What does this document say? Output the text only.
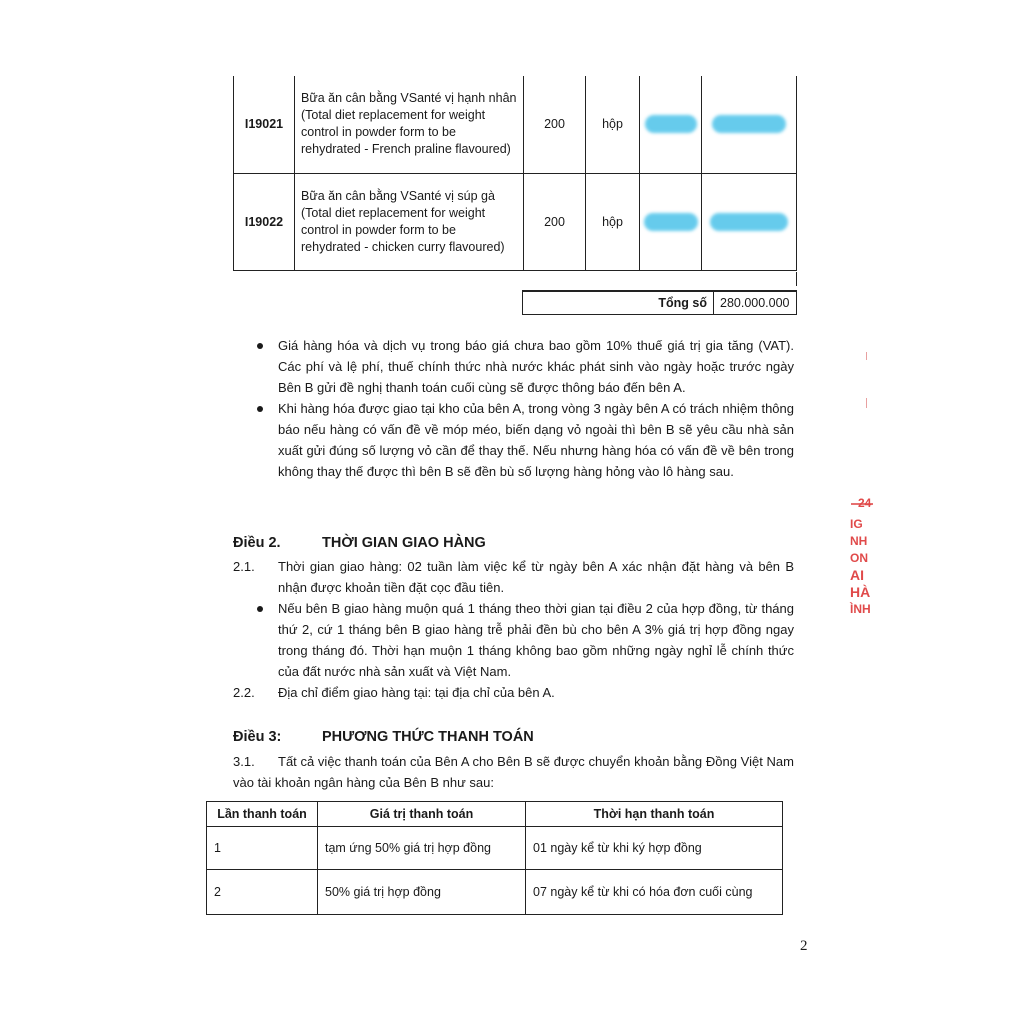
I19021	Bữa ăn cân bằng VSanté vị hạnh nhân
(Total diet replacement for weight
control in powder form to be
rehydrated - French praline flavoured)	200	hộp	

I19022	Bữa ăn cân bằng VSanté vị súp gà
(Total diet replacement for weight
control in powder form to be
rehydrated - chicken curry flavoured)	200	hộp	

Tổng số	280.000.000
Giá hàng hóa và dịch vụ trong báo giá chưa bao gồm 10% thuế giá trị gia tăng (VAT). Các phí và lệ phí, thuế chính thức nhà nước khác phát sinh vào ngày hoặc trước ngày Bên B gửi đề nghị thanh toán cuối cùng sẽ được thông báo đến bên A.
Khi hàng hóa được giao tại kho của bên A, trong vòng 3 ngày bên A có trách nhiệm thông báo nếu hàng có vấn đề về móp méo, biến dạng vỏ ngoài thì bên B sẽ yêu cầu nhà sản xuất gửi đúng số lượng vỏ cần để thay thế. Nếu nhưng hàng hóa có vấn đề về bên trong không thay thế được thì bên B sẽ đền bù số lượng hàng hỏng vào lô hàng sau.
Điều 2.	THỜI GIAN GIAO HÀNG
2.1. Thời gian giao hàng: 02 tuần làm việc kể từ ngày bên A xác nhận đặt hàng và bên B nhận được khoản tiền đặt cọc đầu tiên.
Nếu bên B giao hàng muộn quá 1 tháng theo thời gian tại điều 2 của hợp đồng, từ tháng thứ 2, cứ 1 tháng bên B giao hàng trễ phải đền bù cho bên A 3% giá trị hợp đồng ngay trong tháng đó. Thời hạn muộn 1 tháng không bao gồm những ngày nghỉ lễ chính thức của đất nước nhà sản xuất và Việt Nam.
2.2. Địa chỉ điểm giao hàng tại: tại địa chỉ của bên A.
Điều 3:	PHƯƠNG THỨC THANH TOÁN
3.1. Tất cả việc thanh toán của Bên A cho Bên B sẽ được chuyển khoản bằng Đồng Việt Nam vào tài khoản ngân hàng của Bên B như sau:
Lần thanh toán	Giá trị thanh toán	Thời hạn thanh toán
1	tạm ứng 50% giá trị hợp đồng	01 ngày kể từ khi ký hợp đồng
2	50% giá trị hợp đồng	07 ngày kể từ khi có hóa đơn cuối cùng
2
24
IG
NH
ON
AI
HÀ
ÌNH
